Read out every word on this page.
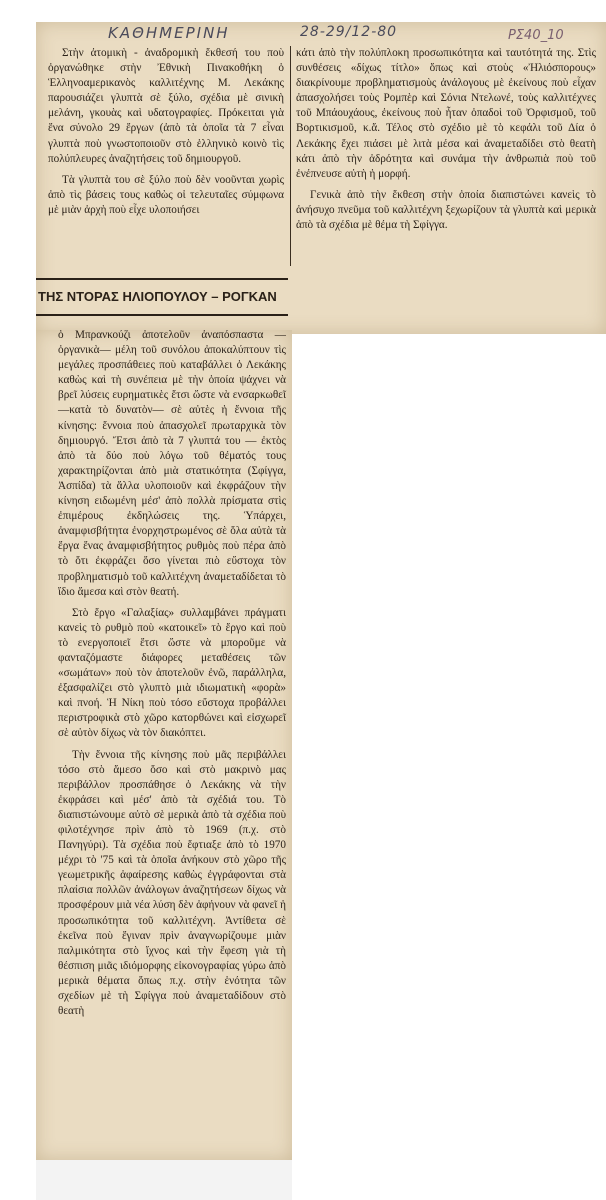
ΚΑΘΗΜΕΡΙΝΗ	28-29/12-80	ΡΣ40_10

Στὴν ἀτομικὴ - ἀναδρομικὴ ἔκθεσή του ποὺ ὀργανώθηκε στὴν Ἐθνικὴ Πινακοθήκη ὁ Ἑλληνοαμερικανὸς καλλιτέχνης Μ. Λεκάκης παρουσιάζει γλυπτὰ σὲ ξύλο, σχέδια μὲ σινικὴ μελάνη, γκουὰς καὶ υδατογραφίες. Πρόκειται γιὰ ἕνα σύνολο 29 ἔργων (ἀπὸ τὰ ὁποῖα τὰ 7 εἶναι γλυπτὰ ποὺ γνωστοποιοῦν στὸ ἑλληνικὸ κοινὸ τὶς πολύπλευρες ἀναζητήσεις τοῦ δημιουργοῦ.

Τὰ γλυπτὰ του σὲ ξύλο ποὺ δὲν νοοῦνται χωρὶς ἀπὸ τὶς βάσεις τους καθὼς οἱ τελευταῖες σύμφωνα μὲ μιὰν ἀρχὴ ποὺ εἶχε υλοποιήσει

ΤΗΣ ΝΤΟΡΑΣ ΗΛΙΟΠΟΥΛΟΥ – ΡΟΓΚΑΝ

κάτι ἀπὸ τὴν πολύπλοκη προσωπικότητα καὶ ταυτότητά της. Στὶς συνθέσεις «δίχως τίτλο» ὅπως καὶ στοὺς «Ἠλιόσπορους» διακρίνουμε προβληματισμοὺς ἀνάλογους μὲ ἐκείνους ποὺ εἶχαν ἀπασχολήσει τοὺς Ρομπὲρ καὶ Σόνια Ντελωνέ, τοὺς καλλιτέχνες τοῦ Μπάουχάους, ἐκείνους ποὺ ἦταν ὀπαδοὶ τοῦ Ὀρφισμοῦ, τοῦ Βορτικισμοῦ, κ.ἄ. Τέλος στὸ σχέδιο μὲ τὸ κεφάλι τοῦ Δία ὁ Λεκάκης ἔχει πιάσει μὲ λιτὰ μέσα καὶ ἀναμεταδίδει στὸ θεατὴ κάτι ἀπὸ τὴν ἀδρότητα καὶ συνάμα τὴν ἀνθρωπιὰ ποὺ τοῦ ἐνέπνευσε αὐτὴ ἡ μορφή.

Γενικὰ ἀπὸ τὴν ἔκθεση στὴν ὁποία διαπιστώνει κανεὶς τὸ ἀνήσυχο πνεῦμα τοῦ καλλιτέχνη ξεχωρίζουν τὰ γλυπτὰ καὶ μερικὰ ἀπὸ τὰ σχέδια μὲ θέμα τὴ Σφίγγα.

ὁ Μπρανκούζι ἀποτελοῦν ἀναπόσπαστα —ὀργανικὰ— μέλη τοῦ συνόλου ἀποκαλύπτουν τὶς μεγάλες προσπάθειες ποὺ καταβάλλει ὁ Λεκάκης καθὼς καὶ τὴ συνέπεια μὲ τὴν ὁποία ψάχνει νὰ βρεῖ λύσεις ευρηματικὲς ἔτσι ὥστε νὰ ενσαρκωθεῖ —κατὰ τὸ δυνατὸν— σὲ αὐτὲς ἡ ἔννοια τῆς κίνησης: ἔννοια ποὺ ἀπασχολεῖ πρωταρχικὰ τὸν δημιουργό. Ἔτσι ἀπὸ τὰ 7 γλυπτά του — ἐκτὸς ἀπὸ τὰ δύο ποὺ λόγω τοῦ θέματός τους χαρακτηρίζονται ἀπὸ μιὰ στατικότητα (Σφίγγα, Ἀσπίδα) τὰ ἄλλα υλοποιοῦν καὶ ἐκφράζουν τὴν κίνηση ειδωμένη μέσ' ἀπὸ πολλὰ πρίσματα στὶς ἐπιμέρους ἐκδηλώσεις της. Ὑπάρχει, ἀναμφισβήτητα ἐνορχηστρωμένος σὲ ὅλα αὐτὰ τὰ ἔργα ἕνας ἀναμφισβήτητος ρυθμὸς ποὺ πέρα ἀπὸ τὸ ὅτι ἐκφράζει ὅσο γίνεται πιὸ εὔστοχα τὸν προβληματισμὸ τοῦ καλλιτέχνη ἀναμεταδίδεται τὸ ἴδιο ἄμεσα καὶ στὸν θεατή.

Στὸ ἔργο «Γαλαξίας» συλλαμβάνει πράγματι κανεὶς τὸ ρυθμὸ ποὺ «κατοικεῖ» τὸ ἔργο καὶ ποὺ τὸ ενεργοποιεῖ ἔτσι ὥστε νὰ μποροῦμε νὰ φανταζόμαστε διάφορες μεταθέσεις τῶν «σωμάτων» ποὺ τὸν ἀποτελοῦν ἐνῶ, παράλληλα, ἐξασφαλίζει στὸ γλυπτὸ μιὰ ιδιωματικὴ «φορὰ» καὶ πνοή. Ἡ Νίκη ποὺ τόσο εὔστοχα προβάλλει περιστροφικὰ στὸ χῶρο κατορθώνει καὶ εἰσχωρεῖ σὲ αὐτὸν δίχως νὰ τὸν διακόπτει.

Τὴν ἔννοια τῆς κίνησης ποὺ μᾶς περιβάλλει τόσο στὸ ἄμεσο ὅσο καὶ στὸ μακρινὸ μας περιβάλλον προσπάθησε ὁ Λεκάκης νὰ τὴν ἐκφράσει καὶ μέσ' ἀπὸ τὰ σχέδιά του. Τὸ διαπιστώνουμε αὐτὸ σὲ μερικὰ ἀπὸ τὰ σχέδια ποὺ φιλοτέχνησε πρὶν ἀπὸ τὸ 1969 (π.χ. στὸ Πανηγύρι). Τὰ σχέδια ποὺ ἔφτιαξε ἀπὸ τὸ 1970 μέχρι τὸ '75 καὶ τὰ ὁποῖα ἀνήκουν στὸ χῶρο τῆς γεωμετρικῆς ἀφαίρεσης καθὼς ἐγγράφονται στὰ πλαίσια πολλῶν ἀνάλογων ἀναζητήσεων δίχως νὰ προσφέρουν μιὰ νέα λύση δὲν ἀφήνουν νὰ φανεῖ ἡ προσωπικότητα τοῦ καλλιτέχνη. Ἀντίθετα σὲ ἐκεῖνα ποὺ ἔγιναν πρὶν ἀναγνωρίζουμε μιὰν παλμικότητα στὸ ἴχνος καὶ τὴν ἔφεση γιὰ τὴ θέσπιση μιᾶς ιδιόμορφης εἰκονογραφίας γύρω ἀπὸ μερικὰ θέματα ὅπως π.χ. στὴν ἑνότητα τῶν σχεδίων μὲ τὴ Σφίγγα ποὺ ἀναμεταδίδουν στὸ θεατὴ
